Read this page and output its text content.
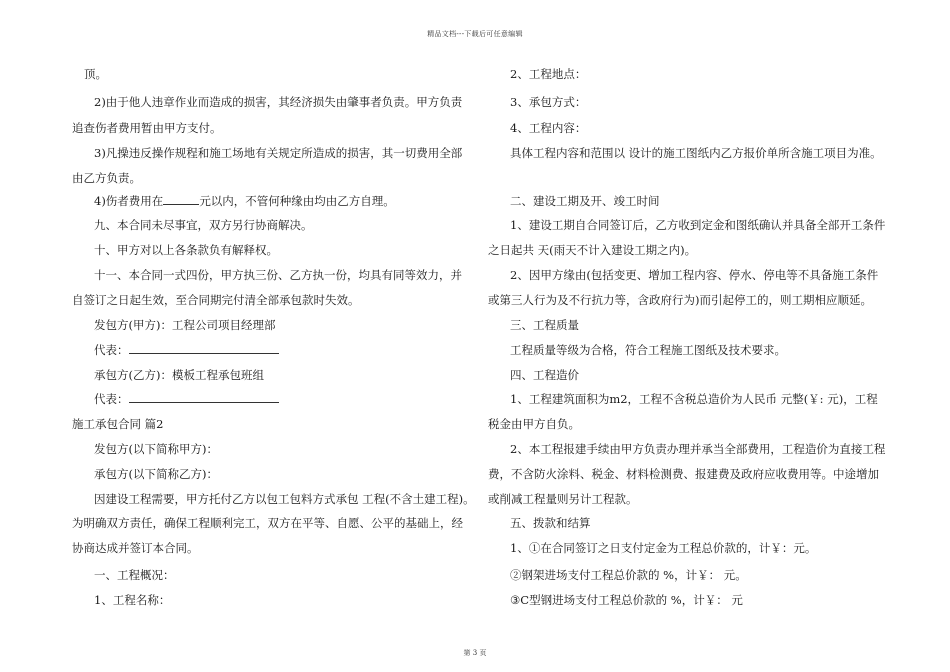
精品文档---下载后可任意编辑
顶。
2)由于他人违章作业而造成的损害，其经济损失由肇事者负责。甲方负责
追查伤者费用暂由甲方支付。
3)凡操违反操作规程和施工场地有关规定所造成的损害，其一切费用全部
由乙方负责。
4)伤者费用在	元以内，不管何种缘由均由乙方自理。
九、本合同未尽事宜，双方另行协商解决。
十、甲方对以上各条款负有解释权。
十一、本合同一式四份，甲方执三份、乙方执一份，均具有同等效力，并
自签订之日起生效，至合同期完付清全部承包款时失效。
发包方(甲方)：工程公司项目经理部
代表：
承包方(乙方)：模板工程承包班组
代表：
施工承包合同 篇2
发包方(以下简称甲方)：
承包方(以下简称乙方)：
因建设工程需要，甲方托付乙方以包工包料方式承包 工程(不含土建工程)。
为明确双方责任，确保工程顺利完工，双方在平等、自愿、公平的基础上，经
协商达成并签订本合同。
一、工程概况：
1、工程名称：
2、工程地点：
3、承包方式：
4、工程内容：
具体工程内容和范围以 设计的施工图纸内乙方报价单所含施工项目为准。
二、建设工期及开、竣工时间
1、建设工期自合同签订后，乙方收到定金和图纸确认并具备全部开工条件
之日起共 天(雨天不计入建设工期之内)。
2、因甲方缘由(包括变更、增加工程内容、停水、停电等不具备施工条件
或第三人行为及不行抗力等，含政府行为)而引起停工的，则工期相应顺延。
三、工程质量
工程质量等级为合格，符合工程施工图纸及技术要求。
四、工程造价
1、工程建筑面积为m2，工程不含税总造价为人民币 元整(￥: 元)，工程
税金由甲方自负。
2、本工程报建手续由甲方负责办理并承当全部费用，工程造价为直接工程
费，不含防火涂料、税金、材料检测费、报建费及政府应收费用等。中途增加
或削减工程量则另计工程款。
五、拨款和结算
1、①在合同签订之日支付定金为工程总价款的，计￥：元。
②钢架进场支付工程总价款的 %，计￥： 元。
③C型钢进场支付工程总价款的 %，计￥： 元
第 3 页
